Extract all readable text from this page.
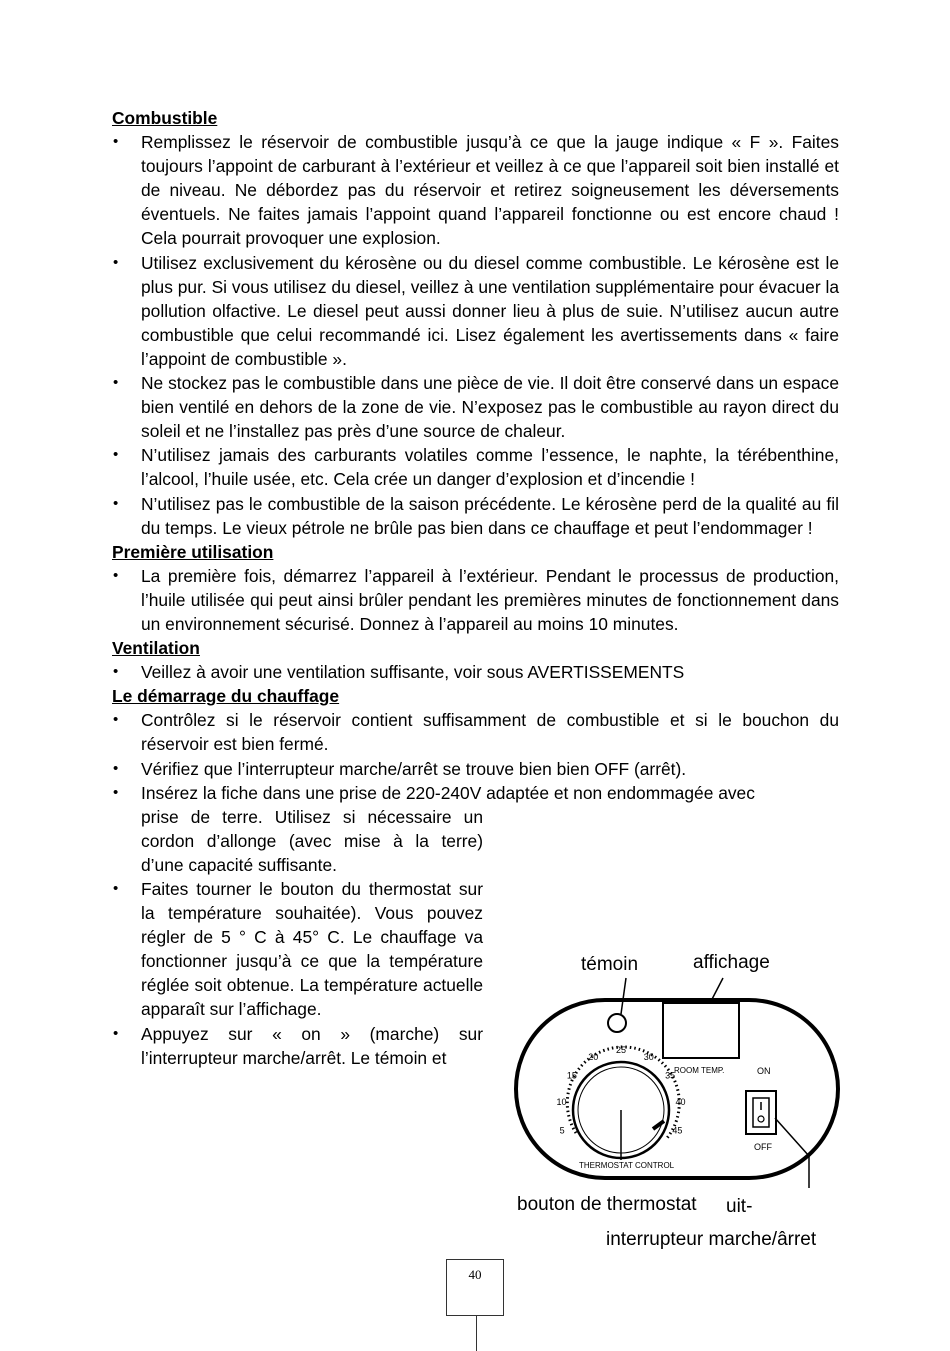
Combustible

• Remplissez le réservoir de combustible jusqu’à ce que la jauge indique « F ». Faites toujours l’appoint de carburant à l’extérieur et veillez à ce que l’appareil soit bien installé et de niveau. Ne débordez pas du réservoir et retirez soigneusement les déversements éventuels. Ne faites jamais l’appoint quand l’appareil fonctionne ou est encore chaud ! Cela pourrait provoquer une explosion.
• Utilisez exclusivement du kérosène ou du diesel comme combustible. Le kérosène est le plus pur. Si vous utilisez du diesel, veillez à une ventilation supplémentaire pour évacuer la pollution olfactive. Le diesel peut aussi donner lieu à plus de suie. N’utilisez aucun autre combustible que celui recommandé ici. Lisez également les avertissements dans « faire l’appoint de combustible ».
• Ne stockez pas le combustible dans une pièce de vie. Il doit être conservé dans un espace bien ventilé en dehors de la zone de vie. N’exposez pas le combustible au rayon direct du soleil et ne l’installez pas près d’une source de chaleur.
• N’utilisez jamais des carburants volatiles comme l’essence, le naphte, la térébenthine, l’alcool, l’huile usée, etc. Cela crée un danger d’explosion et d’incendie !
• N’utilisez pas le combustible de la saison précédente. Le kérosène perd de la qualité au fil du temps. Le vieux pétrole ne brûle pas bien dans ce chauffage et peut l’endommager !

Première utilisation

• La première fois, démarrez l’appareil à l’extérieur. Pendant le processus de production, l’huile utilisée qui peut ainsi brûler pendant les premières minutes de fonctionnement dans un environnement sécurisé. Donnez à l’appareil au moins 10 minutes.

Ventilation

• Veillez à avoir une ventilation suffisante, voir sous AVERTISSEMENTS

Le démarrage du chauffage

• Contrôlez si le réservoir contient suffisamment de combustible et si le bouchon du réservoir est bien fermé.
• Vérifiez que l’interrupteur marche/arrêt se trouve bien bien OFF (arrêt).
• Insérez la fiche dans une prise de 220-240V adaptée et non endommagée avec
prise de terre. Utilisez si nécessaire un cordon d’allonge (avec mise à la terre) d’une capacité suffisante.
• Faites tourner le bouton du thermostat sur la température souhaitée). Vous pouvez régler de 5 ° C à 45° C. Le chauffage va fonctionner jusqu’à ce que la température réglée soit obtenue. La température actuelle apparaît sur l’affichage.
• Appuyez sur « on » (marche) sur l’interrupteur marche/arrêt. Le témoin et
témoin	affichage
bouton de thermostat uit-
interrupteur marche/ârret
ROOM TEMP.
THERMOSTAT CONTROL
5
10
15
20
25
30
35
40
45
ON
OFF
40
